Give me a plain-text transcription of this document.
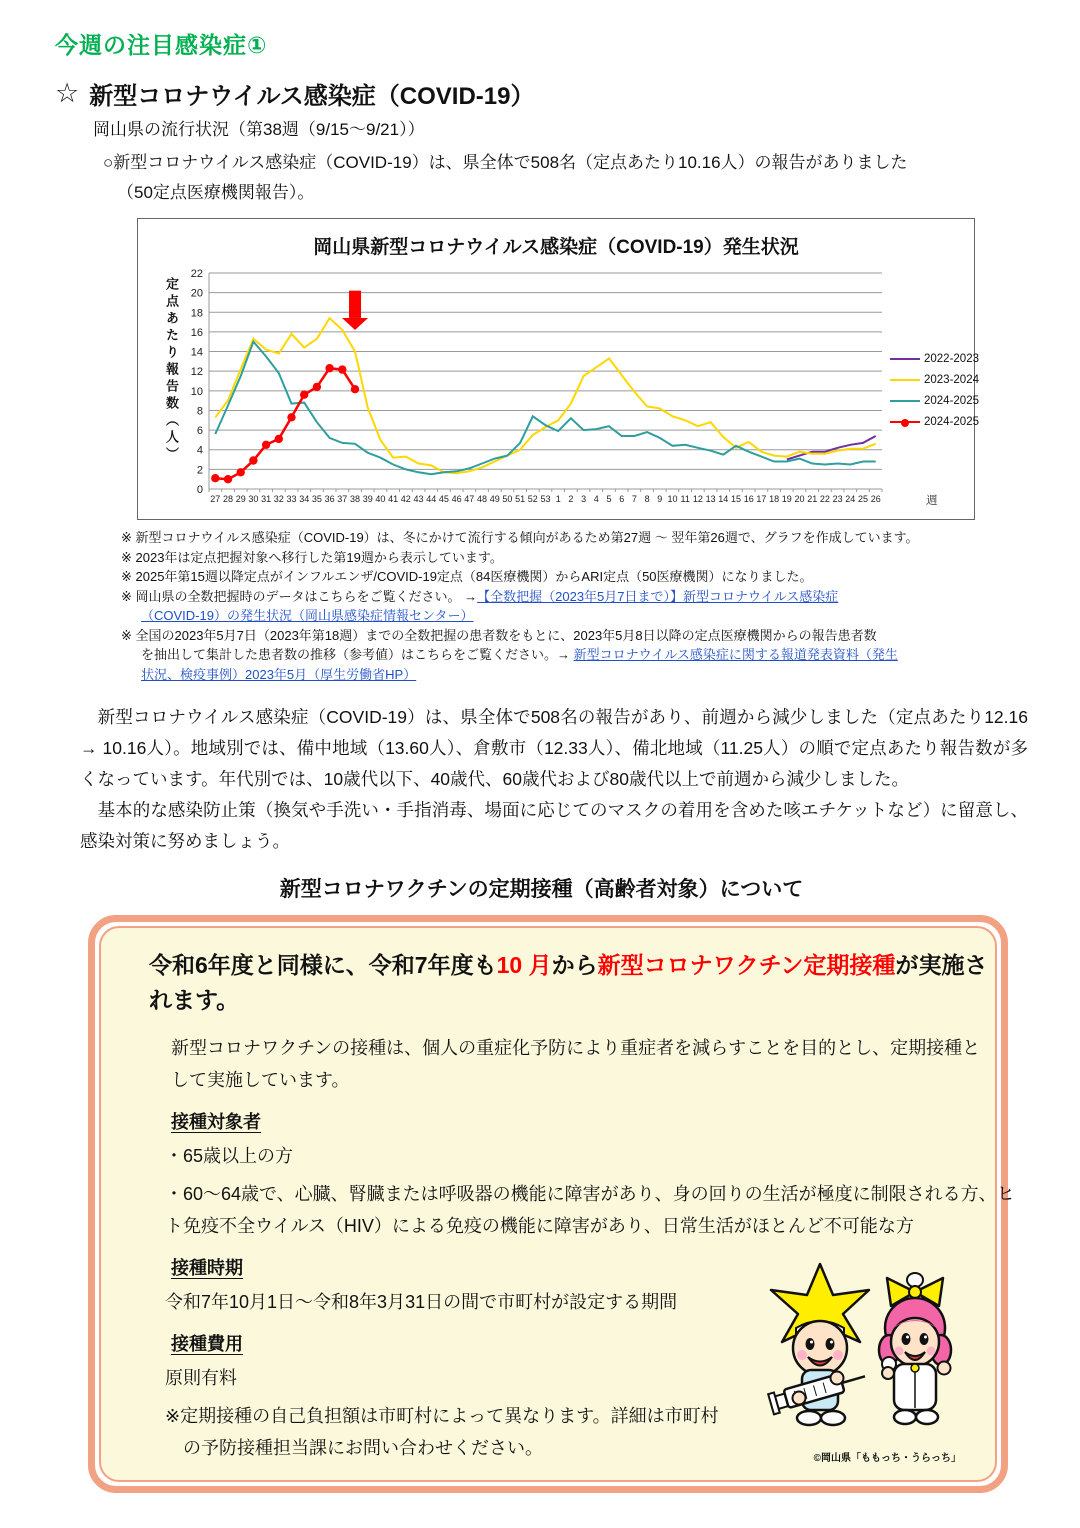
今週の注目感染症①
☆ 新型コロナウイルス感染症（COVID-19）
岡山県の流行状況（第38週（9/15～9/21））
○新型コロナウイルス感染症（COVID-19）は、県全体で508名（定点あたり10.16人）の報告がありました
（50定点医療機関報告）。
岡山県新型コロナウイルス感染症（COVID-19）発生状況
0
2
4
6
8
10
12
14
16
18
20
22
27 28 29 30 31 32 33 34 35 36 37 38 39 40 41 42 43 44 45 46 47 48 49 50 51 52 53 1 2 3 4 5 6 7 8 9 10 11 12 13 14 15 16 17 18 19 20 21 22 23 24 25 26
定点あたり報告数（人）	2022-2023
2023-2024
2024-2025
2024-2025
週
※ 新型コロナウイルス感染症（COVID-19）は、冬にかけて流行する傾向があるため第27週 ～ 翌年第26週で、グラフを作成しています。
※ 2023年は定点把握対象へ移行した第19週から表示しています。
※ 2025年第15週以降定点がインフルエンザ/COVID-19定点（84医療機関）からARI定点（50医療機関）になりました。
※ 岡山県の全数把握時のデータはこちらをご覧ください。 →【全数把握（2023年5月7日まで）】新型コロナウイルス感染症
（COVID-19）の発生状況（岡山県感染症情報センター）
※ 全国の2023年5月7日（2023年第18週）までの全数把握の患者数をもとに、2023年5月8日以降の定点医療機関からの報告患者数
を抽出して集計した患者数の推移（参考値）はこちらをご覧ください。→ 新型コロナウイルス感染症に関する報道発表資料（発生
状況、検疫事例）2023年5月（厚生労働省HP）
　新型コロナウイルス感染症（COVID-19）は、県全体で508名の報告があり、前週から減少しました（定点あたり12.16 → 10.16人）。地域別では、備中地域（13.60人）、倉敷市（12.33人）、備北地域（11.25人）の順で定点あたり報告数が多くなっています。年代別では、10歳代以下、40歳代、60歳代および80歳代以上で前週から減少しました。
　基本的な感染防止策（換気や手洗い・手指消毒、場面に応じてのマスクの着用を含めた咳エチケットなど）に留意し、感染対策に努めましょう。
新型コロナワクチンの定期接種（高齢者対象）について
令和6年度と同様に、令和7年度も10 月から新型コロナワクチン定期接種が実施されます。
新型コロナワクチンの接種は、個人の重症化予防により重症者を減らすことを目的とし、定期接種として実施しています。
接種対象者
・65歳以上の方
・60～64歳で、心臓、腎臓または呼吸器の機能に障害があり、身の回りの生活が極度に制限される方、ヒト免疫不全ウイルス（HIV）による免疫の機能に障害があり、日常生活がほとんど不可能な方
接種時期
令和7年10月1日～令和8年3月31日の間で市町村が設定する期間
接種費用
原則有料
※定期接種の自己負担額は市町村によって異なります。詳細は市町村
　の予防接種担当課にお問い合わせください。
©岡山県「ももっち・うらっち」
